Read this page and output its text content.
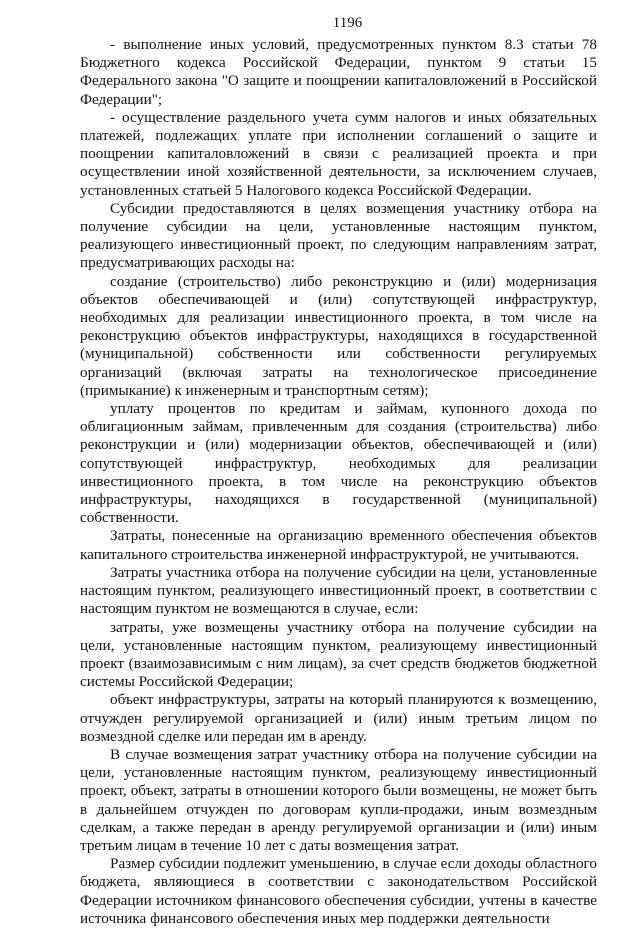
1196

- выполнение иных условий, предусмотренных пунктом 8.3 статьи 78 Бюджетного кодекса Российской Федерации, пунктом 9 статьи 15 Федерального закона "О защите и поощрении капиталовложений в Российской Федерации";

- осуществление раздельного учета сумм налогов и иных обязательных платежей, подлежащих уплате при исполнении соглашений о защите и поощрении капиталовложений в связи с реализацией проекта и при осуществлении иной хозяйственной деятельности, за исключением случаев, установленных статьей 5 Налогового кодекса Российской Федерации.

Субсидии предоставляются в целях возмещения участнику отбора на получение субсидии на цели, установленные настоящим пунктом, реализующего инвестиционный проект, по следующим направлениям затрат, предусматривающих расходы на:

создание (строительство) либо реконструкцию и (или) модернизация объектов обеспечивающей и (или) сопутствующей инфраструктур, необходимых для реализации инвестиционного проекта, в том числе на реконструкцию объектов инфраструктуры, находящихся в государственной (муниципальной) собственности или собственности регулируемых организаций (включая затраты на технологическое присоединение (примыкание) к инженерным и транспортным сетям);

уплату процентов по кредитам и займам, купонного дохода по облигационным займам, привлеченным для создания (строительства) либо реконструкции и (или) модернизации объектов, обеспечивающей и (или) сопутствующей инфраструктур, необходимых для реализации инвестиционного проекта, в том числе на реконструкцию объектов инфраструктуры, находящихся в государственной (муниципальной) собственности.

Затраты, понесенные на организацию временного обеспечения объектов капитального строительства инженерной инфраструктурой, не учитываются.

Затраты участника отбора на получение субсидии на цели, установленные настоящим пунктом, реализующего инвестиционный проект, в соответствии с настоящим пунктом не возмещаются в случае, если:

затраты, уже возмещены участнику отбора на получение субсидии на цели, установленные настоящим пунктом, реализующему инвестиционный проект (взаимозависимым с ним лицам), за счет средств бюджетов бюджетной системы Российской Федерации;

объект инфраструктуры, затраты на который планируются к возмещению, отчужден регулируемой организацией и (или) иным третьим лицом по возмездной сделке или передан им в аренду.

В случае возмещения затрат участнику отбора на получение субсидии на цели, установленные настоящим пунктом, реализующему инвестиционный проект, объект, затраты в отношении которого были возмещены, не может быть в дальнейшем отчужден по договорам купли-продажи, иным возмездным сделкам, а также передан в аренду регулируемой организации и (или) иным третьим лицам в течение 10 лет с даты возмещения затрат.

Размер субсидии подлежит уменьшению, в случае если доходы областного бюджета, являющиеся в соответствии с законодательством Российской Федерации источником финансового обеспечения субсидии, учтены в качестве источника финансового обеспечения иных мер поддержки деятельности
